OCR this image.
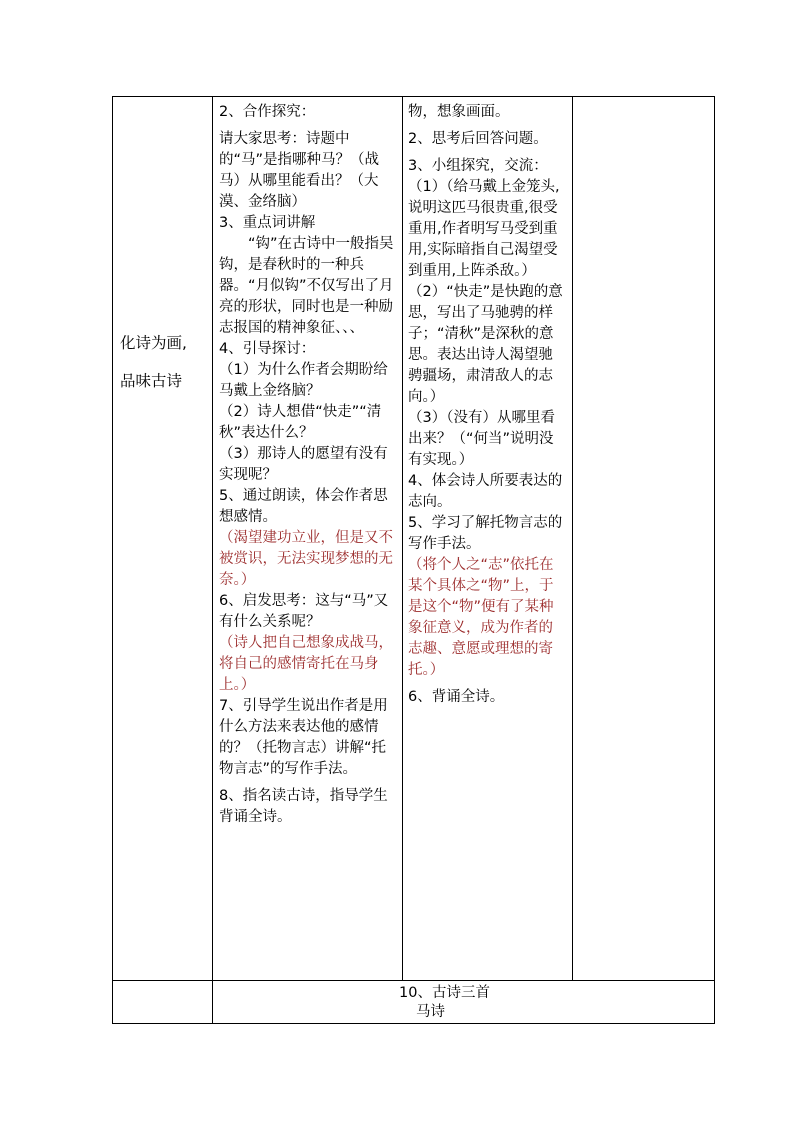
化诗为画,

品味古诗

2、合作探究：

请大家思考：诗题中的“马”是指哪种马？（战马）从哪里能看出？（大漠、金络脑）

3、重点词讲解

“钩”在古诗中一般指吴钩，是春秋时的一种兵器。“月似钩”不仅写出了月亮的形状，同时也是一种励志报国的精神象征、、、

4、引导探讨：

（1）为什么作者会期盼给马戴上金络脑？

（2）诗人想借“快走”“清秋”表达什么？

（3）那诗人的愿望有没有实现呢？

5、通过朗读，体会作者思想感情。

（渴望建功立业，但是又不被赏识，无法实现梦想的无奈。）

6、启发思考：这与“马”又有什么关系呢？

（诗人把自己想象成战马，将自己的感情寄托在马身上。）

7、引导学生说出作者是用什么方法来表达他的感情的？（托物言志）讲解“托物言志”的写作手法。

8、指名读古诗，指导学生背诵全诗。

物，想象画面。

2、思考后回答问题。

3、小组探究，交流：

（1）（给马戴上金笼头,说明这匹马很贵重,很受重用,作者明写马受到重用,实际暗指自己渴望受到重用,上阵杀敌。）

（2）“快走”是快跑的意思，写出了马驰骋的样子；“清秋”是深秋的意思。表达出诗人渴望驰骋疆场，肃清敌人的志向。）

（3）（没有）从哪里看出来？（“何当”说明没有实现。）

4、体会诗人所要表达的志向。

5、学习了解托物言志的写作手法。

（将个人之“志”依托在某个具体之“物”上，于是这个“物”便有了某种象征意义，成为作者的志趣、意愿或理想的寄托。）

6、背诵全诗。

10、古诗三首

马诗
